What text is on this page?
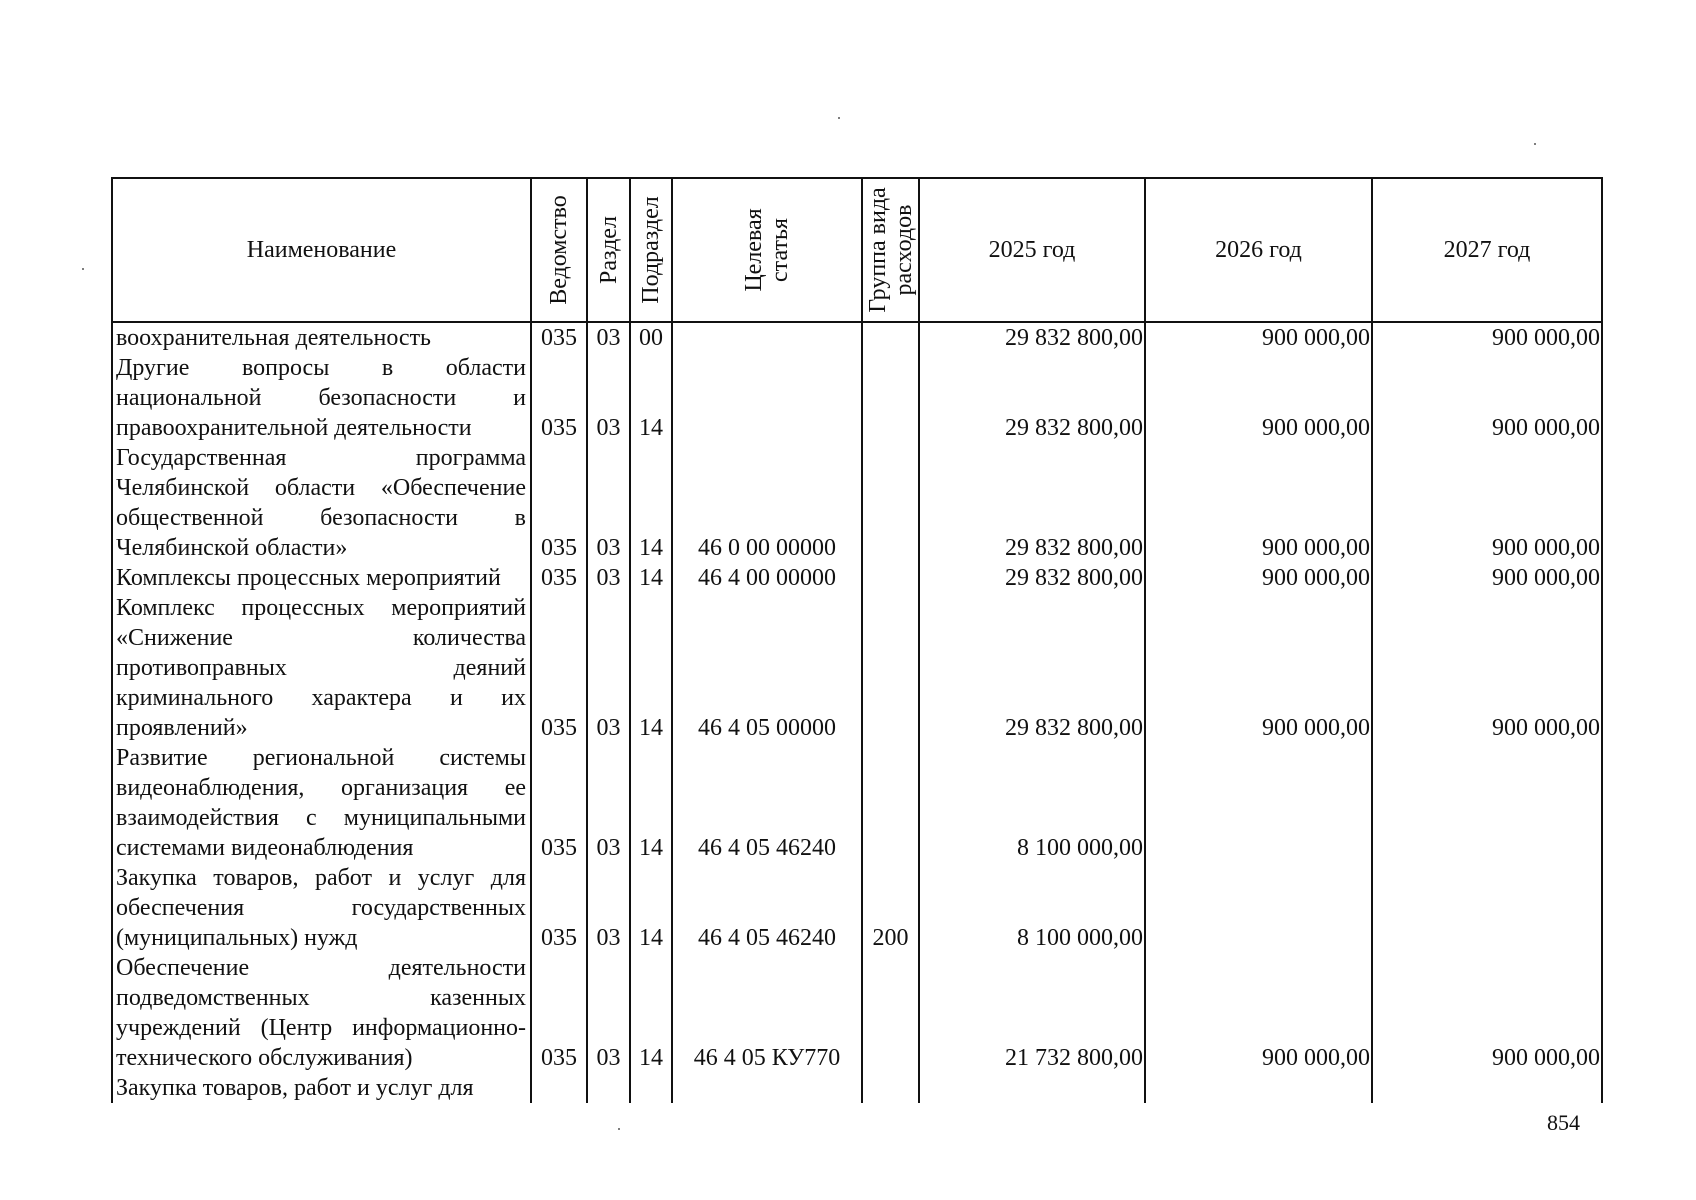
Наименование	Ведомство	Раздел	Подраздел	Целевая статья	Группа вида расходов	2025 год	2026 год	2027 год
воохранительная деятельность	035	03	00			29 832 800,00	900 000,00	900 000,00
Другие вопросы в области национальной безопасности и правоохранительной деятельности	035	03	14			29 832 800,00	900 000,00	900 000,00
Государственная программа Челябинской области «Обеспечение общественной безопасности в Челябинской области»	035	03	14	46 0 00 00000		29 832 800,00	900 000,00	900 000,00
Комплексы процессных мероприятий	035	03	14	46 4 00 00000		29 832 800,00	900 000,00	900 000,00
Комплекс процессных мероприятий «Снижение количества противоправных деяний криминального характера и их проявлений»	035	03	14	46 4 05 00000		29 832 800,00	900 000,00	900 000,00
Развитие региональной системы видеонаблюдения, организация ее взаимодействия с муниципальными системами видеонаблюдения	035	03	14	46 4 05 46240		8 100 000,00		
Закупка товаров, работ и услуг для обеспечения государственных (муниципальных) нужд	035	03	14	46 4 05 46240	200	8 100 000,00		
Обеспечение деятельности подведомственных казенных учреждений (Центр информационно-технического обслуживания)	035	03	14	46 4 05 КУ770		21 732 800,00	900 000,00	900 000,00
Закупка товаров, работ и услуг для								
854
